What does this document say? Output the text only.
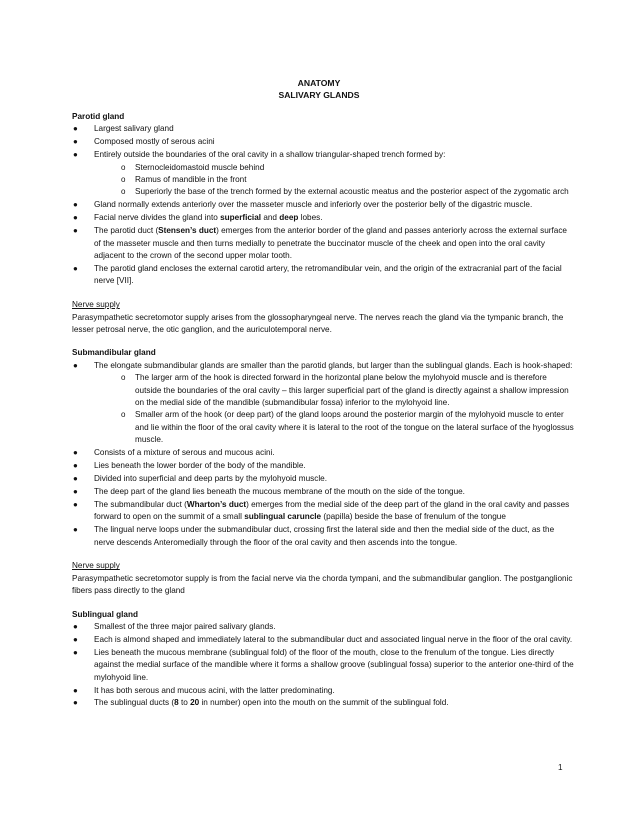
ANATOMY
SALIVARY GLANDS

Parotid gland

● Largest salivary gland
● Composed mostly of serous acini
● Entirely outside the boundaries of the oral cavity in a shallow triangular-shaped trench formed by:
o Sternocleidomastoid muscle behind
o Ramus of mandible in the front
o Superiorly the base of the trench formed by the external acoustic meatus and the posterior aspect of the zygomatic arch
● Gland normally extends anteriorly over the masseter muscle and inferiorly over the posterior belly of the digastric muscle.
● Facial nerve divides the gland into superficial and deep lobes.
● The parotid duct (Stensen’s duct) emerges from the anterior border of the gland and passes anteriorly across the external surface of the masseter muscle and then turns medially to penetrate the buccinator muscle of the cheek and open into the oral cavity adjacent to the crown of the second upper molar tooth.
● The parotid gland encloses the external carotid artery, the retromandibular vein, and the origin of the extracranial part of the facial nerve [VII].
Nerve supply

Parasympathetic secretomotor supply arises from the glossopharyngeal nerve. The nerves reach the gland via the tympanic branch, the lesser petrosal nerve, the otic ganglion, and the auriculotemporal nerve.

Submandibular gland

● The elongate submandibular glands are smaller than the parotid glands, but larger than the sublingual glands. Each is hook-shaped:
o The larger arm of the hook is directed forward in the horizontal plane below the mylohyoid muscle and is therefore outside the boundaries of the oral cavity – this larger superficial part of the gland is directly against a shallow impression on the medial side of the mandible (submandibular fossa) inferior to the mylohyoid line.
o Smaller arm of the hook (or deep part) of the gland loops around the posterior margin of the mylohyoid muscle to enter and lie within the floor of the oral cavity where it is lateral to the root of the tongue on the lateral surface of the hyoglossus muscle.
● Consists of a mixture of serous and mucous acini.
● Lies beneath the lower border of the body of the mandible.
● Divided into superficial and deep parts by the mylohyoid muscle.
● The deep part of the gland lies beneath the mucous membrane of the mouth on the side of the tongue.
● The submandibular duct (Wharton’s duct) emerges from the medial side of the deep part of the gland in the oral cavity and passes forward to open on the summit of a small sublingual caruncle (papilla) beside the base of frenulum of the tongue
● The lingual nerve loops under the submandibular duct, crossing first the lateral side and then the medial side of the duct, as the nerve descends Anteromedially through the floor of the oral cavity and then ascends into the tongue.
Nerve supply

Parasympathetic secretomotor supply is from the facial nerve via the chorda tympani, and the submandibular ganglion. The postganglionic fibers pass directly to the gland

Sublingual gland

● Smallest of the three major paired salivary glands.
● Each is almond shaped and immediately lateral to the submandibular duct and associated lingual nerve in the floor of the oral cavity.
● Lies beneath the mucous membrane (sublingual fold) of the floor of the mouth, close to the frenulum of the tongue. Lies directly against the medial surface of the mandible where it forms a shallow groove (sublingual fossa) superior to the anterior one-third of the mylohyoid line.
● It has both serous and mucous acini, with the latter predominating.
● The sublingual ducts (8 to 20 in number) open into the mouth on the summit of the sublingual fold.
1
